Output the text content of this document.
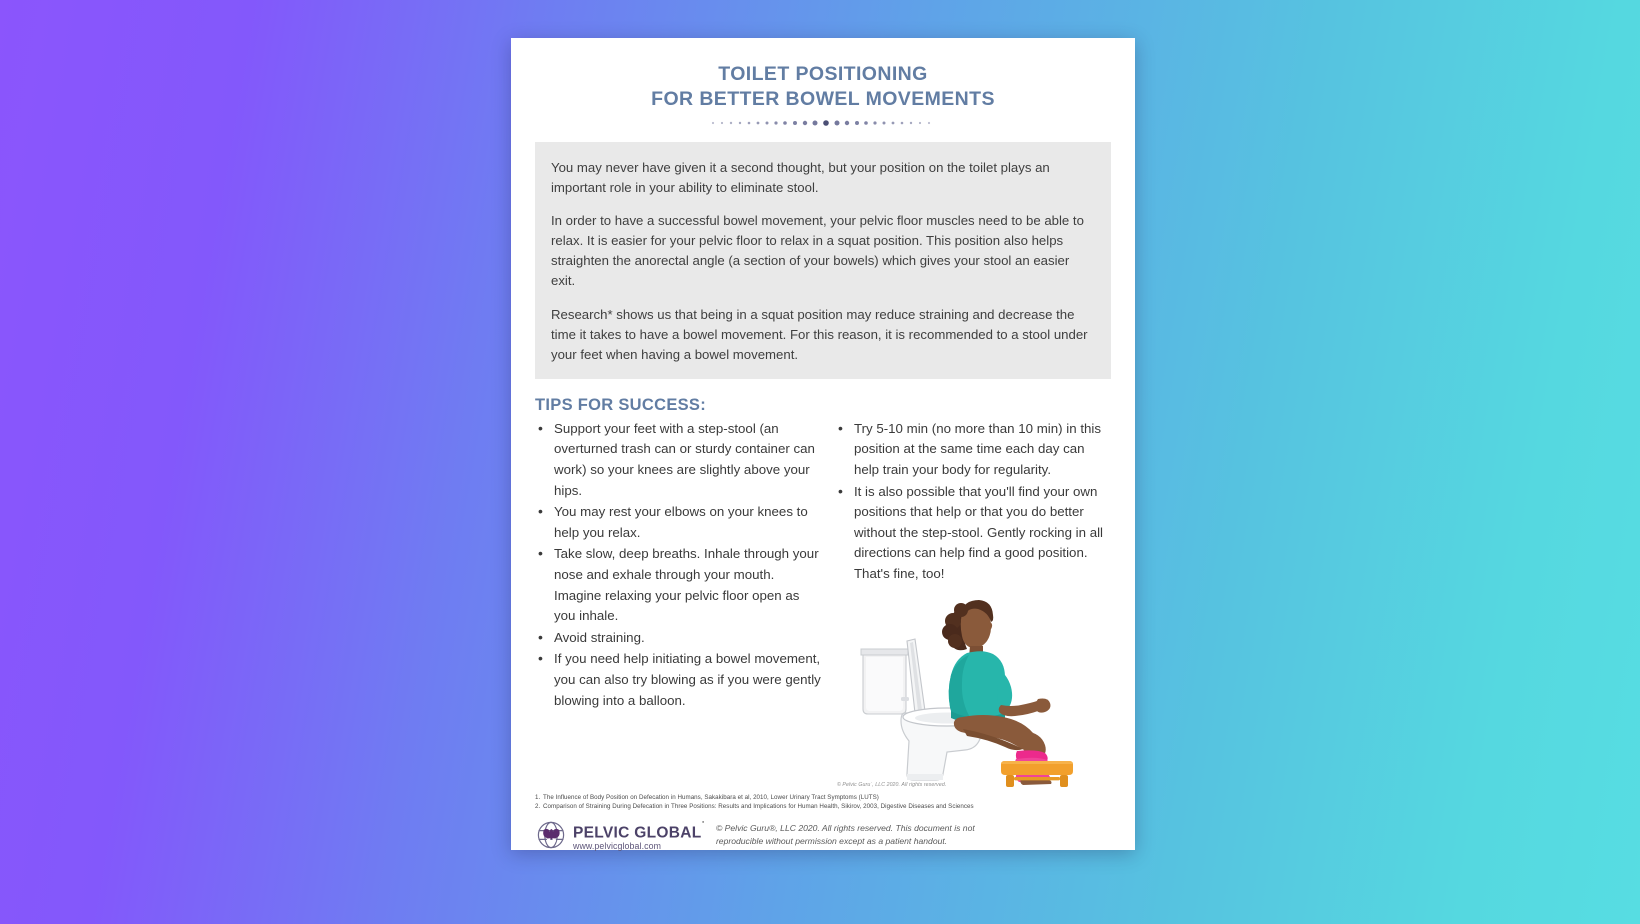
TOILET POSITIONING
FOR BETTER BOWEL MOVEMENTS

You may never have given it a second thought, but your position on the toilet plays an important role in your ability to eliminate stool.

In order to have a successful bowel movement, your pelvic floor muscles need to be able to relax. It is easier for your pelvic floor to relax in a squat position. This position also helps straighten the anorectal angle (a section of your bowels) which gives your stool an easier exit.

Research* shows us that being in a squat position may reduce straining and decrease the time it takes to have a bowel movement. For this reason, it is recommended to a stool under your feet when having a bowel movement.

TIPS FOR SUCCESS:
• Support your feet with a step-stool (an overturned trash can or sturdy container can work) so your knees are slightly above your hips.
• You may rest your elbows on your knees to help you relax.
• Take slow, deep breaths. Inhale through your nose and exhale through your mouth. Imagine relaxing your pelvic floor open as you inhale.
• Avoid straining.
• If you need help initiating a bowel movement, you can also try blowing as if you were gently blowing into a balloon.
• Try 5-10 min (no more than 10 min) in this position at the same time each day can help train your body for regularity.
• It is also possible that you'll find your own positions that help or that you do better without the step-stool. Gently rocking in all directions can help find a good position. That's fine, too!
© Pelvic Guru˙, LLC 2020. All rights reserved.
1. The Influence of Body Position on Defecation in Humans, Sakakibara et al, 2010, Lower Urinary Tract Symptoms (LUTS)
2. Comparison of Straining During Defecation in Three Positions: Results and Implications for Human Health, Sikirov, 2003, Digestive Diseases and Sciences
PELVIC GLOBAL˙
www.pelvicglobal.com
© Pelvic Guru®, LLC 2020. All rights reserved. This document is not
reproducible without permission except as a patient handout.
